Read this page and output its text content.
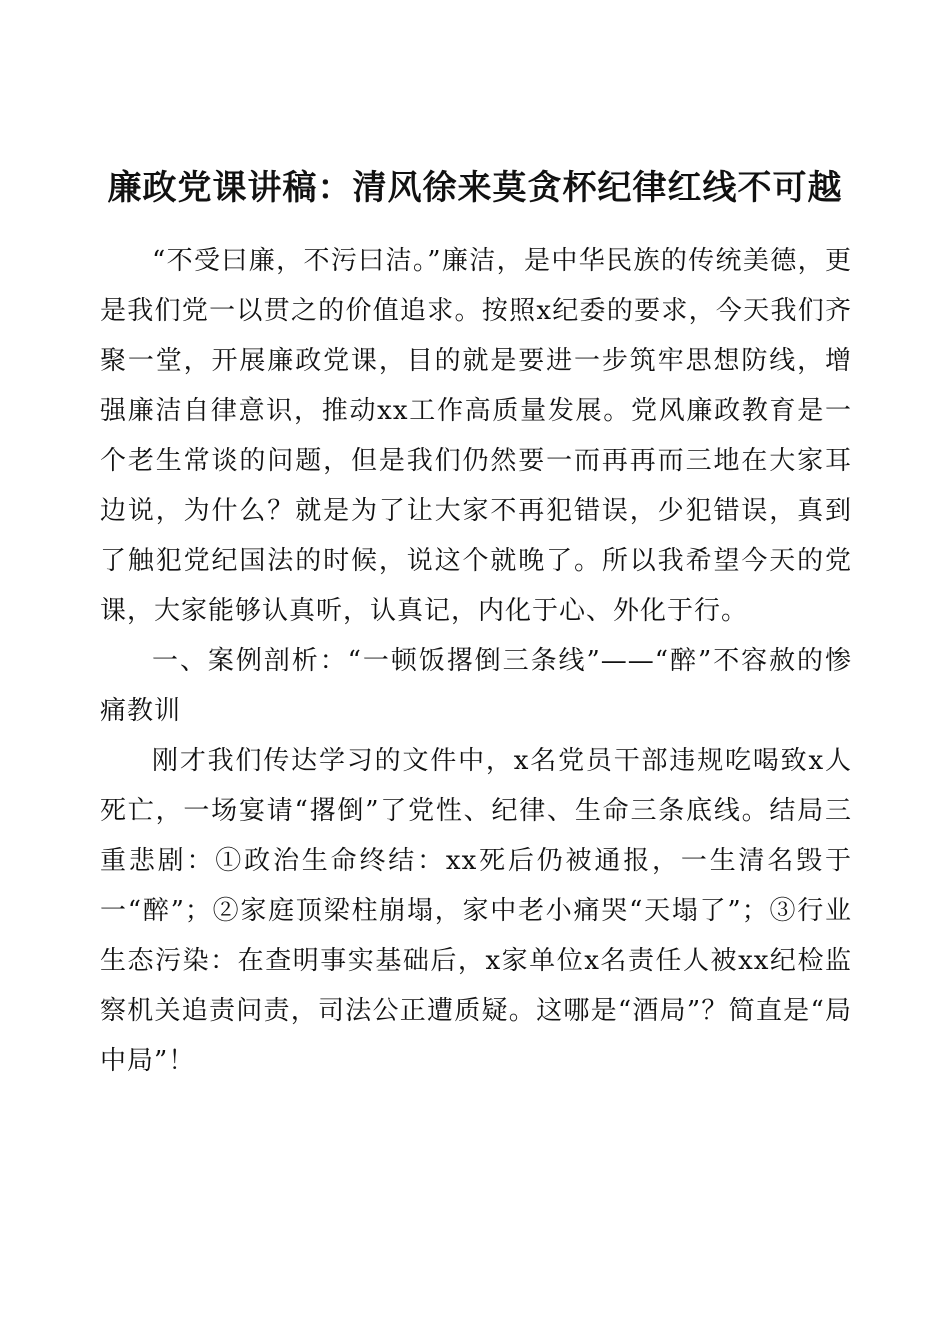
廉政党课讲稿：清风徐来莫贪杯纪律红线不可越

“不受曰廉，不污曰洁。”廉洁，是中华民族的传统美德，更是我们党一以贯之的价值追求。按照x纪委的要求，今天我们齐聚一堂，开展廉政党课，目的就是要进一步筑牢思想防线，增强廉洁自律意识，推动xx工作高质量发展。党风廉政教育是一个老生常谈的问题，但是我们仍然要一而再再而三地在大家耳边说，为什么？就是为了让大家不再犯错误，少犯错误，真到了触犯党纪国法的时候，说这个就晚了。所以我希望今天的党课，大家能够认真听，认真记，内化于心、外化于行。

一、案例剖析：“一顿饭撂倒三条线”——“醉”不容赦的惨痛教训

刚才我们传达学习的文件中，x名党员干部违规吃喝致x人死亡，一场宴请“撂倒”了党性、纪律、生命三条底线。结局三重悲剧：①政治生命终结：xx死后仍被通报，一生清名毁于一“醉”；②家庭顶梁柱崩塌，家中老小痛哭“天塌了”；③行业生态污染：在查明事实基础后，x家单位x名责任人被xx纪检监察机关追责问责，司法公正遭质疑。这哪是“酒局”？简直是“局中局”！
